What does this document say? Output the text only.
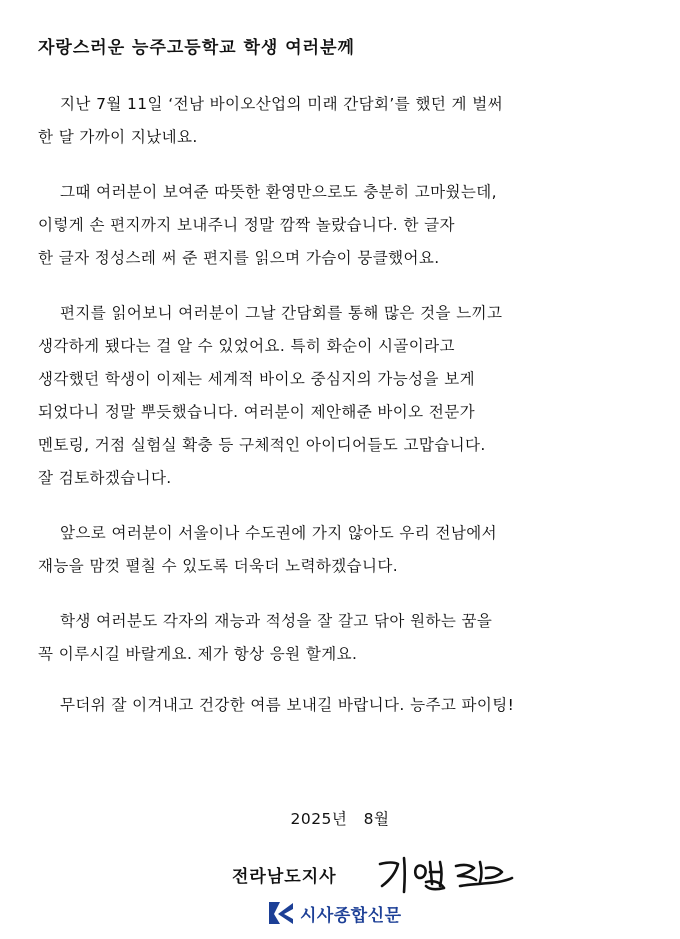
자랑스러운 능주고등학교 학생 여러분께

지난 7월 11일 ‘전남 바이오산업의 미래 간담회’를 했던 게 벌써
한 달 가까이 지났네요.

그때 여러분이 보여준 따뜻한 환영만으로도 충분히 고마웠는데,
이렇게 손 편지까지 보내주니 정말 깜짝 놀랐습니다. 한 글자
한 글자 정성스레 써 준 편지를 읽으며 가슴이 뭉클했어요.

편지를 읽어보니 여러분이 그날 간담회를 통해 많은 것을 느끼고
생각하게 됐다는 걸 알 수 있었어요. 특히 화순이 시골이라고
생각했던 학생이 이제는 세계적 바이오 중심지의 가능성을 보게
되었다니 정말 뿌듯했습니다. 여러분이 제안해준 바이오 전문가
멘토링, 거점 실험실 확충 등 구체적인 아이디어들도 고맙습니다.
잘 검토하겠습니다.

앞으로 여러분이 서울이나 수도권에 가지 않아도 우리 전남에서
재능을 맘껏 펼칠 수 있도록 더욱더 노력하겠습니다.

학생 여러분도 각자의 재능과 적성을 잘 갈고 닦아 원하는 꿈을
꼭 이루시길 바랄게요. 제가 항상 응원 할게요.

무더위 잘 이겨내고 건강한 여름 보내길 바랍니다. 능주고 파이팅!

2025년   8월
전라남도지사
시사종합신문
